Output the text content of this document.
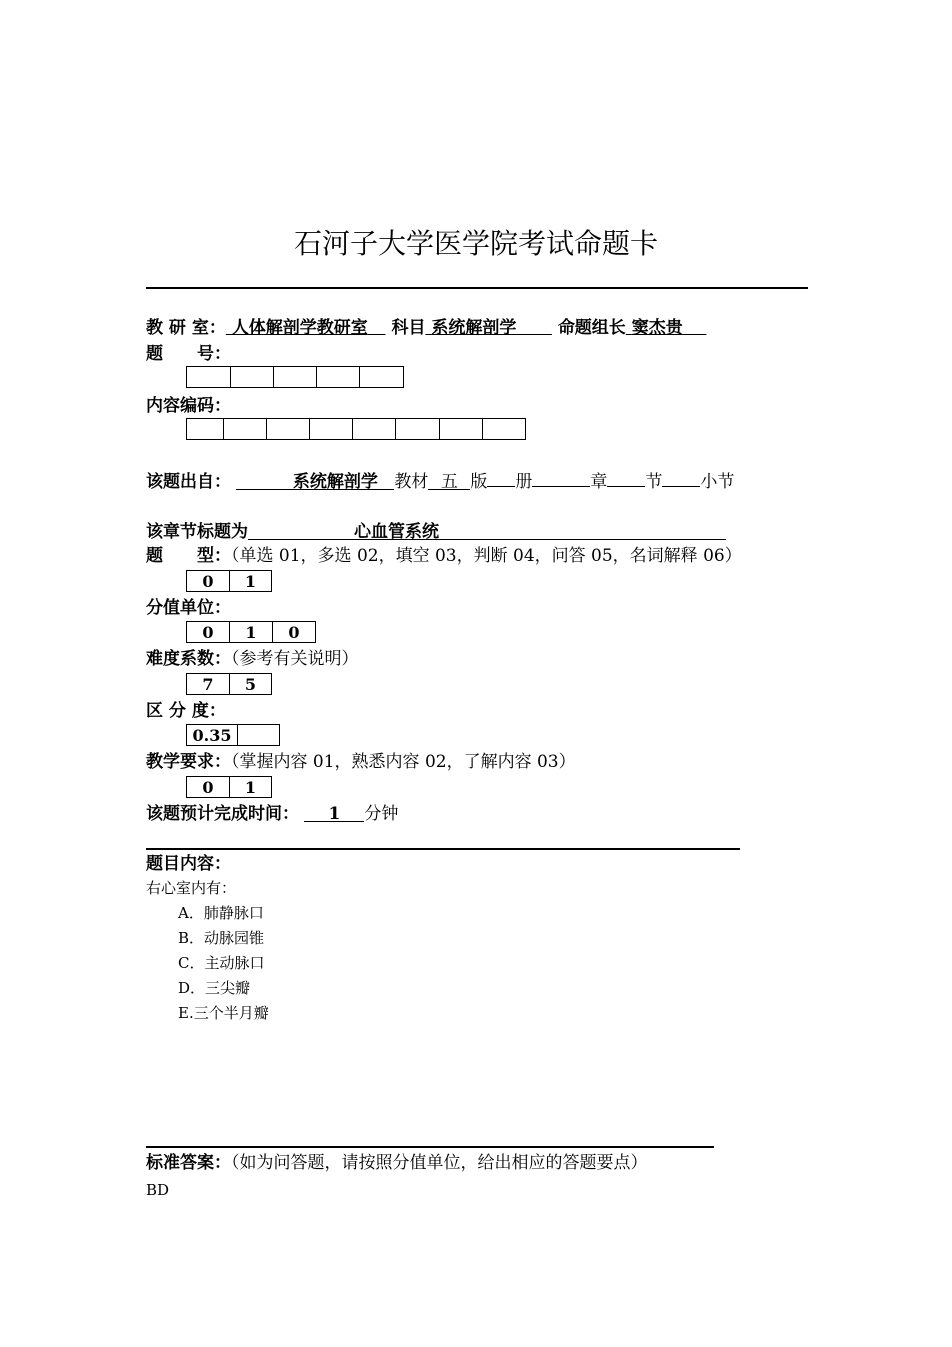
石河子大学医学院考试命题卡
教 研 室： 人体解剖学教研室 科目 系统解剖学 命题组长 窦杰贵
题　　号：
内容编码：
该题出自：	系统解剖学 教材 五 版 册	章 节 小节
该章节标题为	心血管系统
题　　型：（单选 01，多选 02，填空 03，判断 04，问答 05，名词解释 06）
0	1
分值单位：
0	1	0
难度系数：（参考有关说明）
7	5
区 分 度：
0.35
教学要求：（掌握内容 01，熟悉内容 02，了解内容 03）
0	1
该题预计完成时间： 1 分钟
题目内容：
右心室内有：
A．肺静脉口
B．动脉园锥
C．主动脉口
D．三尖瓣
E.三个半月瓣
标准答案：（如为问答题，请按照分值单位，给出相应的答题要点）
BD
